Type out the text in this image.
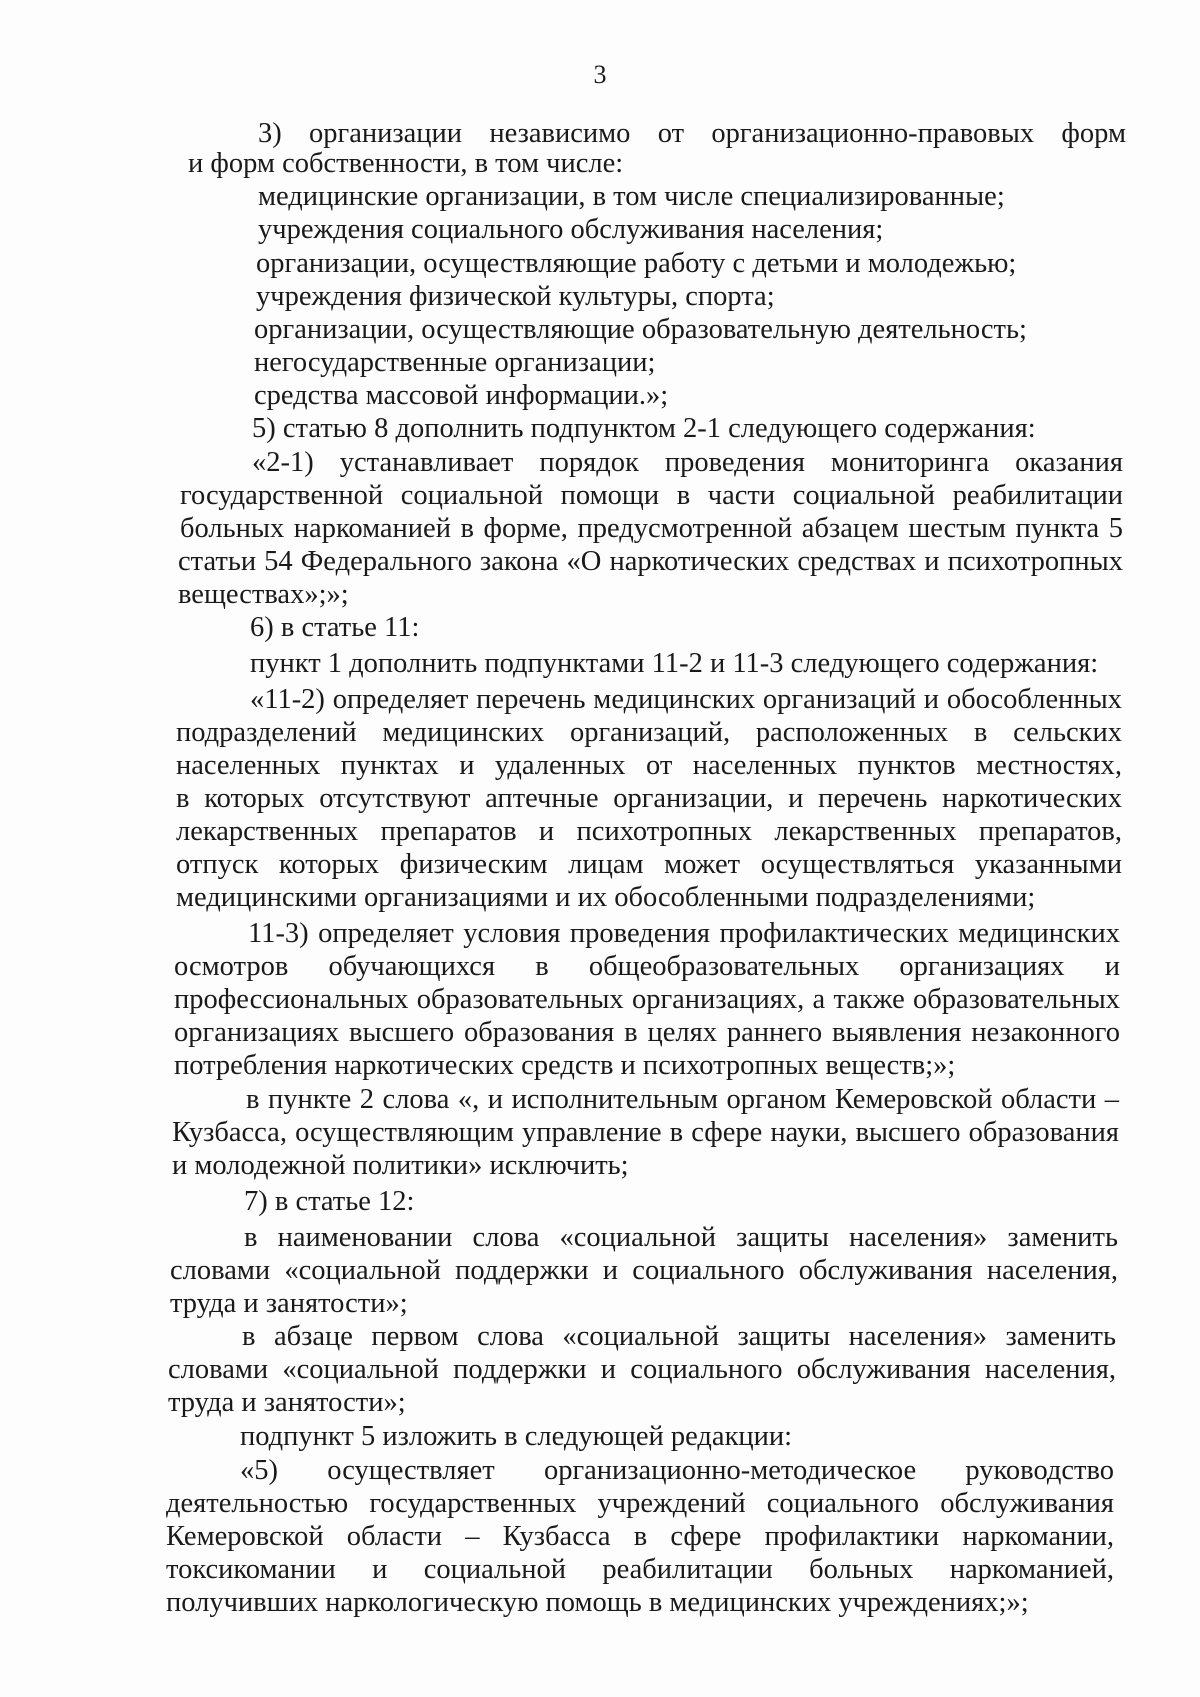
3
3) организации независимо от организационно-правовых форм
и форм собственности, в том числе:
медицинские организации, в том числе специализированные;
учреждения социального обслуживания населения;
организации, осуществляющие работу с детьми и молодежью;
учреждения физической культуры, спорта;
организации, осуществляющие образовательную деятельность;
негосударственные организации;
средства массовой информации.»;
5) статью 8 дополнить подпунктом 2-1 следующего содержания:
«2-1) устанавливает порядок проведения мониторинга оказания
государственной социальной помощи в части социальной реабилитации
больных наркоманией в форме, предусмотренной абзацем шестым пункта 5
статьи 54 Федерального закона «О наркотических средствах и психотропных
веществах»;»;
6) в статье 11:
пункт 1 дополнить подпунктами 11-2 и 11-3 следующего содержания:
«11-2) определяет перечень медицинских организаций и обособленных
подразделений медицинских организаций, расположенных в сельских
населенных пунктах и удаленных от населенных пунктов местностях,
в которых отсутствуют аптечные организации, и перечень наркотических
лекарственных препаратов и психотропных лекарственных препаратов,
отпуск которых физическим лицам может осуществляться указанными
медицинскими организациями и их обособленными подразделениями;
11-3) определяет условия проведения профилактических медицинских
осмотров обучающихся в общеобразовательных организациях и
профессиональных образовательных организациях, а также образовательных
организациях высшего образования в целях раннего выявления незаконного
потребления наркотических средств и психотропных веществ;»;
в пункте 2 слова «, и исполнительным органом Кемеровской области –
Кузбасса, осуществляющим управление в сфере науки, высшего образования
и молодежной политики» исключить;
7) в статье 12:
в наименовании слова «социальной защиты населения» заменить
словами «социальной поддержки и социального обслуживания населения,
труда и занятости»;
в абзаце первом слова «социальной защиты населения» заменить
словами «социальной поддержки и социального обслуживания населения,
труда и занятости»;
подпункт 5 изложить в следующей редакции:
«5) осуществляет организационно-методическое руководство
деятельностью государственных учреждений социального обслуживания
Кемеровской области – Кузбасса в сфере профилактики наркомании,
токсикомании и социальной реабилитации больных наркоманией,
получивших наркологическую помощь в медицинских учреждениях;»;
